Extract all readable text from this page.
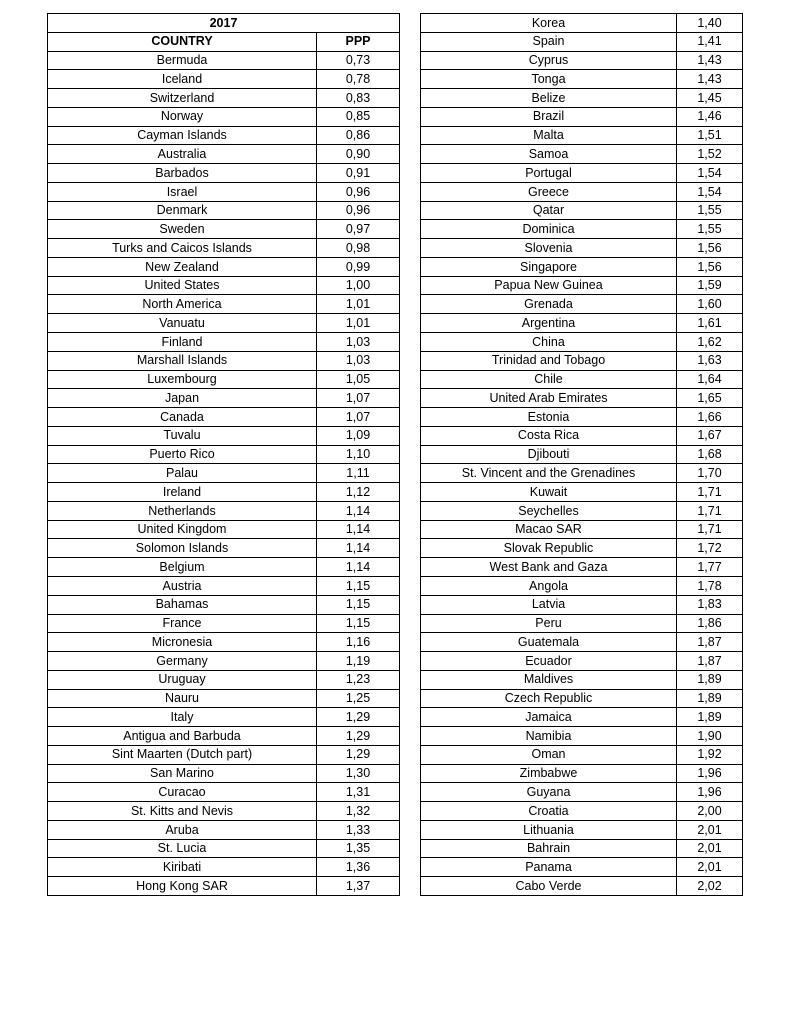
2017	
COUNTRY	PPP
Bermuda	0,73
Iceland	0,78
Switzerland	0,83
Norway	0,85
Cayman Islands	0,86
Australia	0,90
Barbados	0,91
Israel	0,96
Denmark	0,96
Sweden	0,97
Turks and Caicos Islands	0,98
New Zealand	0,99
United States	1,00
North America	1,01
Vanuatu	1,01
Finland	1,03
Marshall Islands	1,03
Luxembourg	1,05
Japan	1,07
Canada	1,07
Tuvalu	1,09
Puerto Rico	1,10
Palau	1,11
Ireland	1,12
Netherlands	1,14
United Kingdom	1,14
Solomon Islands	1,14
Belgium	1,14
Austria	1,15
Bahamas	1,15
France	1,15
Micronesia	1,16
Germany	1,19
Uruguay	1,23
Nauru	1,25
Italy	1,29
Antigua and Barbuda	1,29
Sint Maarten (Dutch part)	1,29
San Marino	1,30
Curacao	1,31
St. Kitts and Nevis	1,32
Aruba	1,33
St. Lucia	1,35
Kiribati	1,36
Hong Kong SAR	1,37
Korea	1,40
Spain	1,41
Cyprus	1,43
Tonga	1,43
Belize	1,45
Brazil	1,46
Malta	1,51
Samoa	1,52
Portugal	1,54
Greece	1,54
Qatar	1,55
Dominica	1,55
Slovenia	1,56
Singapore	1,56
Papua New Guinea	1,59
Grenada	1,60
Argentina	1,61
China	1,62
Trinidad and Tobago	1,63
Chile	1,64
United Arab Emirates	1,65
Estonia	1,66
Costa Rica	1,67
Djibouti	1,68
St. Vincent and the Grenadines	1,70
Kuwait	1,71
Seychelles	1,71
Macao SAR	1,71
Slovak Republic	1,72
West Bank and Gaza	1,77
Angola	1,78
Latvia	1,83
Peru	1,86
Guatemala	1,87
Ecuador	1,87
Maldives	1,89
Czech Republic	1,89
Jamaica	1,89
Namibia	1,90
Oman	1,92
Zimbabwe	1,96
Guyana	1,96
Croatia	2,00
Lithuania	2,01
Bahrain	2,01
Panama	2,01
Cabo Verde	2,02
